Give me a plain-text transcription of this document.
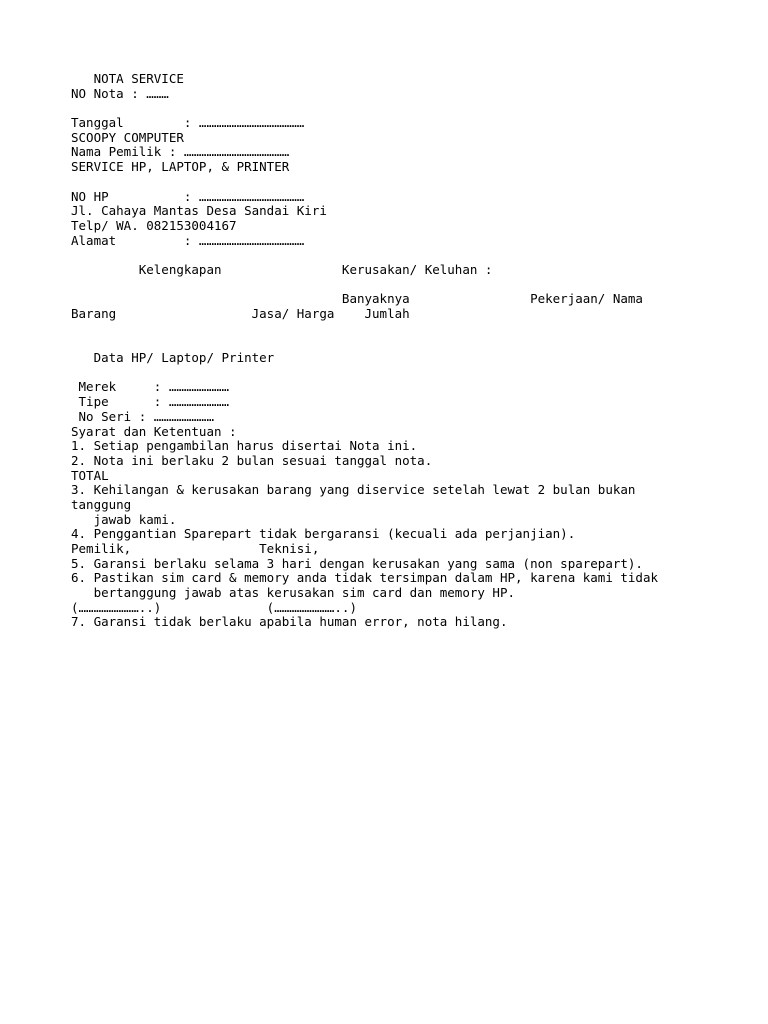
NOTA SERVICE
NO Nota : ………
Tanggal        : ……………………………………
SCOOPY COMPUTER
Nama Pemilik : ……………………………………
SERVICE HP, LAPTOP, & PRINTER
NO HP          : ……………………………………
Jl. Cahaya Mantas Desa Sandai Kiri
Telp/ WA. 082153004167
Alamat         : ……………………………………
Kelengkapan                Kerusakan/ Keluhan :
Banyaknya                Pekerjaan/ Nama
Barang                  Jasa/ Harga    Jumlah
Data HP/ Laptop/ Printer
Merek     : ……………………
Tipe      : ……………………
No Seri : ……………………
Syarat dan Ketentuan :
1. Setiap pengambilan harus disertai Nota ini.
2. Nota ini berlaku 2 bulan sesuai tanggal nota.
TOTAL
3. Kehilangan & kerusakan barang yang diservice setelah lewat 2 bulan bukan
tanggung
jawab kami.
4. Penggantian Sparepart tidak bergaransi (kecuali ada perjanjian).
Pemilik,                 Teknisi,
5. Garansi berlaku selama 3 hari dengan kerusakan yang sama (non sparepart).
6. Pastikan sim card & memory anda tidak tersimpan dalam HP, karena kami tidak
bertanggung jawab atas kerusakan sim card dan memory HP.
(……………………..)              (……………………..)
7. Garansi tidak berlaku apabila human error, nota hilang.
